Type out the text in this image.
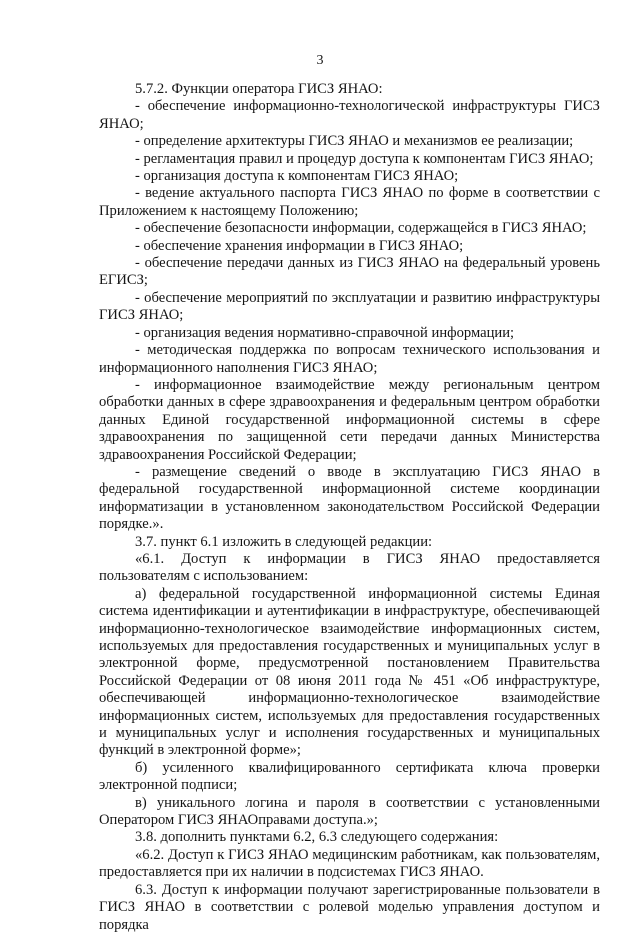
3

5.7.2. Функции оператора ГИСЗ ЯНАО:

- обеспечение информационно-технологической инфраструктуры ГИСЗ ЯНАО;

- определение архитектуры ГИСЗ ЯНАО и механизмов ее реализации;

- регламентация правил и процедур доступа к компонентам ГИСЗ ЯНАО;

- организация доступа к компонентам ГИСЗ ЯНАО;

- ведение актуального паспорта ГИСЗ ЯНАО по форме в соответствии с Приложением к настоящему Положению;

- обеспечение безопасности информации, содержащейся в ГИСЗ ЯНАО;

- обеспечение хранения информации в ГИСЗ ЯНАО;

- обеспечение передачи данных из ГИСЗ ЯНАО на федеральный уровень ЕГИСЗ;

- обеспечение мероприятий по эксплуатации и развитию инфраструктуры ГИСЗ ЯНАО;

- организация ведения нормативно-справочной информации;

- методическая поддержка по вопросам технического использования и информационного наполнения ГИСЗ ЯНАО;

- информационное взаимодействие между региональным центром обработки данных в сфере здравоохранения и федеральным центром обработки данных Единой государственной информационной системы в сфере здравоохранения по защищенной сети передачи данных Министерства здравоохранения Российской Федерации;

- размещение сведений о вводе в эксплуатацию ГИСЗ ЯНАО в федеральной государственной информационной системе координации информатизации в установленном законодательством Российской Федерации порядке.».

3.7. пункт 6.1 изложить в следующей редакции:

«6.1. Доступ к информации в ГИСЗ ЯНАО предоставляется пользователям с использованием:

а) федеральной государственной информационной системы Единая система идентификации и аутентификации в инфраструктуре, обеспечивающей информационно-технологическое взаимодействие информационных систем, используемых для предоставления государственных и муниципальных услуг в электронной форме, предусмотренной постановлением Правительства Российской Федерации от 08 июня 2011 года № 451 «Об инфраструктуре, обеспечивающей информационно-технологическое взаимодействие информационных систем, используемых для предоставления государственных и муниципальных услуг и исполнения государственных и муниципальных функций в электронной форме»;

б) усиленного квалифицированного сертификата ключа проверки электронной подписи;

в) уникального логина и пароля в соответствии с установленными Оператором ГИСЗ ЯНАОправами доступа.»;

3.8. дополнить пунктами 6.2, 6.3 следующего содержания:

«6.2. Доступ к ГИСЗ ЯНАО медицинским работникам, как пользователям, предоставляется при их наличии в подсистемах ГИСЗ ЯНАО.

6.3. Доступ к информации получают зарегистрированные пользователи в ГИСЗ ЯНАО в соответствии с ролевой моделью управления доступом и порядка
